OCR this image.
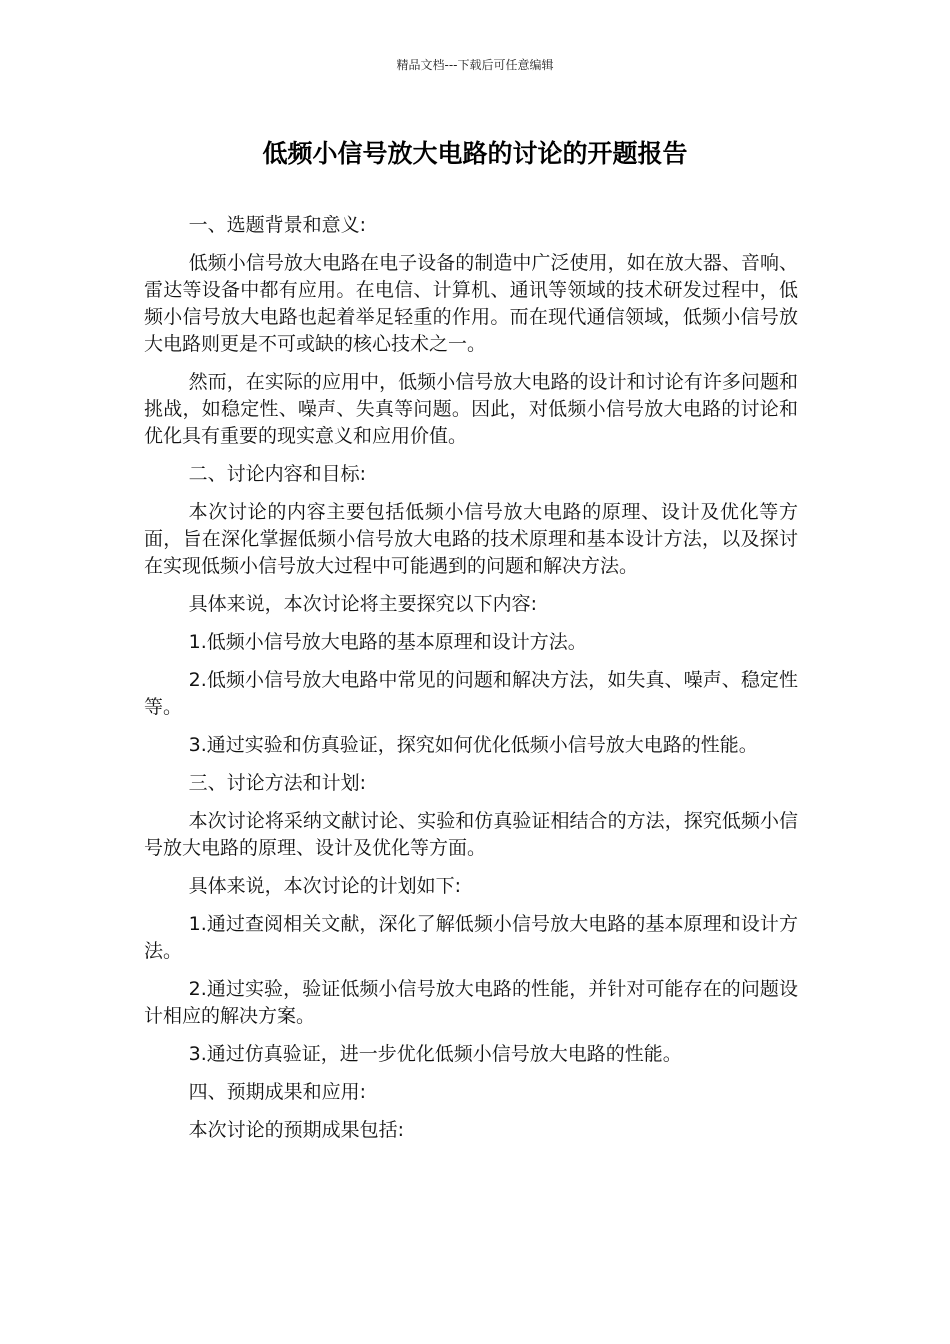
精品文档---下载后可任意编辑
低频小信号放大电路的讨论的开题报告

一、选题背景和意义:

低频小信号放大电路在电子设备的制造中广泛使用，如在放大器、音响、雷达等设备中都有应用。在电信、计算机、通讯等领域的技术研发过程中，低频小信号放大电路也起着举足轻重的作用。而在现代通信领域，低频小信号放大电路则更是不可或缺的核心技术之一。

然而，在实际的应用中，低频小信号放大电路的设计和讨论有许多问题和挑战，如稳定性、噪声、失真等问题。因此，对低频小信号放大电路的讨论和优化具有重要的现实意义和应用价值。

二、讨论内容和目标:

本次讨论的内容主要包括低频小信号放大电路的原理、设计及优化等方面，旨在深化掌握低频小信号放大电路的技术原理和基本设计方法，以及探讨在实现低频小信号放大过程中可能遇到的问题和解决方法。

具体来说，本次讨论将主要探究以下内容:

1.低频小信号放大电路的基本原理和设计方法。

2.低频小信号放大电路中常见的问题和解决方法，如失真、噪声、稳定性等。

3.通过实验和仿真验证，探究如何优化低频小信号放大电路的性能。

三、讨论方法和计划:

本次讨论将采纳文献讨论、实验和仿真验证相结合的方法，探究低频小信号放大电路的原理、设计及优化等方面。

具体来说，本次讨论的计划如下:

1.通过查阅相关文献，深化了解低频小信号放大电路的基本原理和设计方法。

2.通过实验，验证低频小信号放大电路的性能，并针对可能存在的问题设计相应的解决方案。

3.通过仿真验证，进一步优化低频小信号放大电路的性能。

四、预期成果和应用:

本次讨论的预期成果包括:
